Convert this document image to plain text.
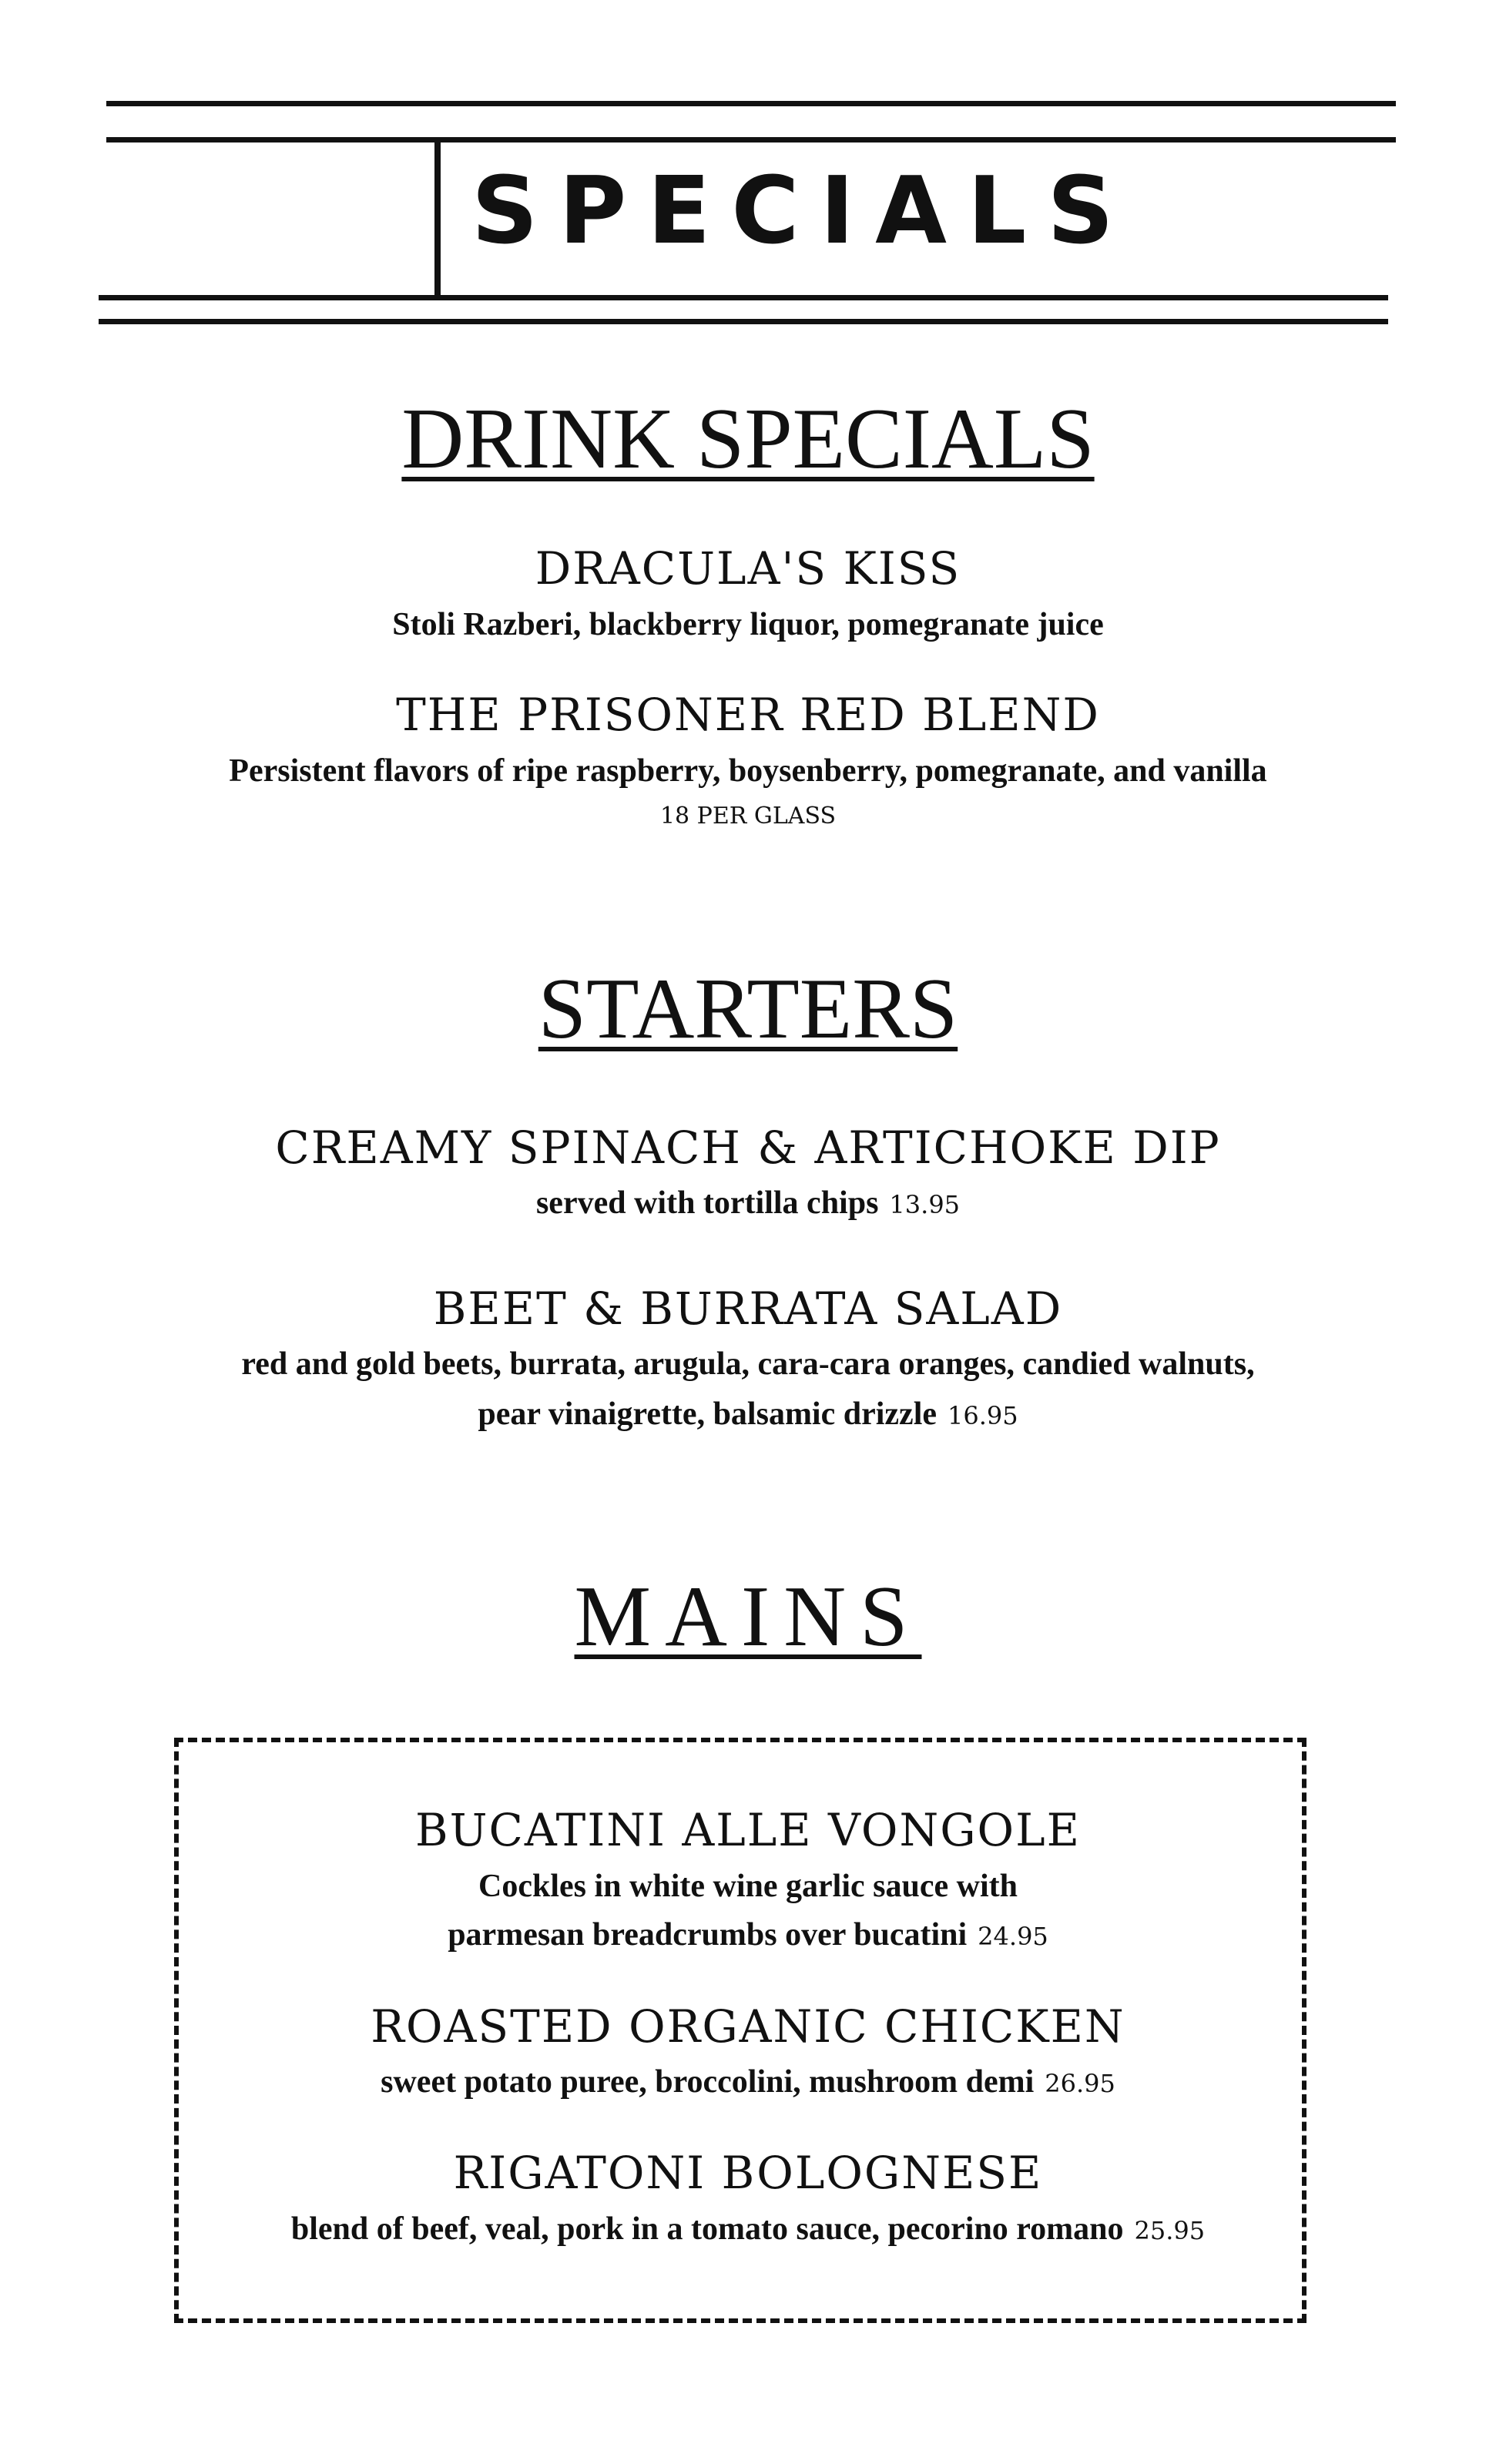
SPECIALS
DRINK SPECIALS
DRACULA'S KISS
Stoli Razberi, blackberry liquor, pomegranate juice
THE PRISONER RED BLEND
Persistent flavors of ripe raspberry, boysenberry, pomegranate, and vanilla
18 PER GLASS
STARTERS
CREAMY SPINACH & ARTICHOKE DIP
served with tortilla chips 13.95
BEET & BURRATA SALAD
red and gold beets, burrata, arugula, cara-cara oranges, candied walnuts,
pear vinaigrette, balsamic drizzle 16.95
MAINS
BUCATINI ALLE VONGOLE
Cockles in white wine garlic sauce with
parmesan breadcrumbs over bucatini 24.95
ROASTED ORGANIC CHICKEN
sweet potato puree, broccolini, mushroom demi 26.95
RIGATONI BOLOGNESE
blend of beef, veal, pork in a tomato sauce, pecorino romano 25.95
